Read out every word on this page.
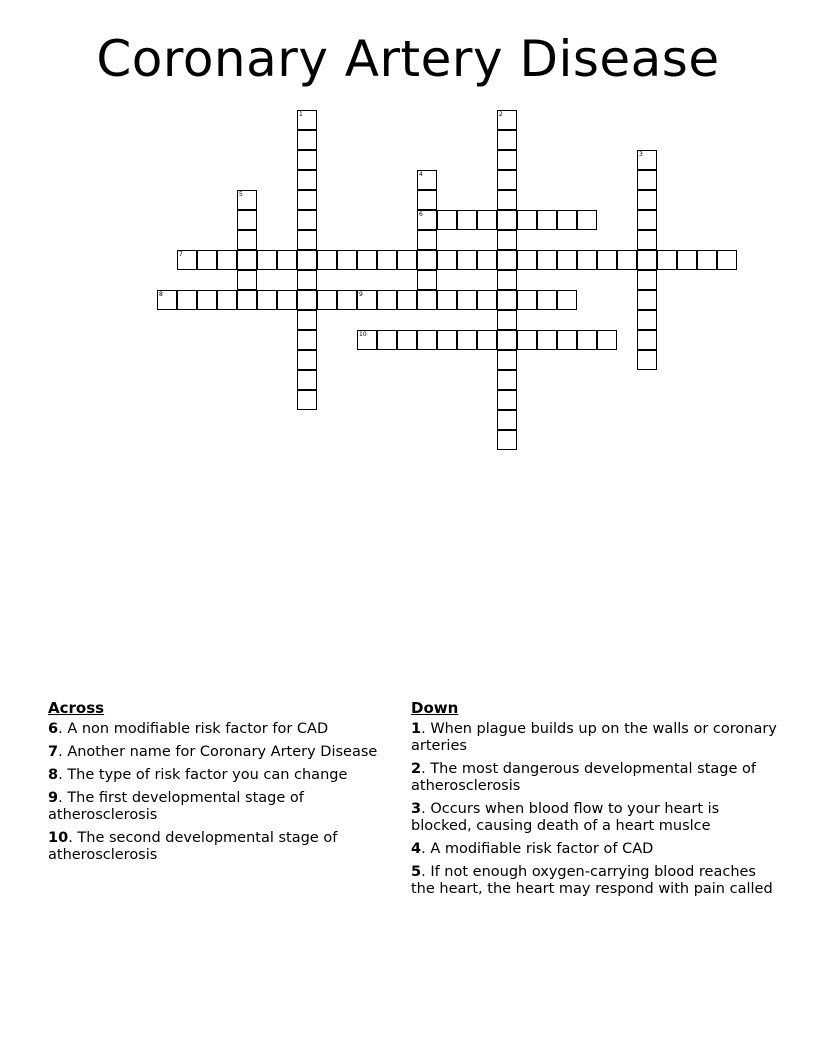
Coronary Artery Disease
1	2
3
4
5
6
7
8	9
10
Across
6. A non modifiable risk factor for CAD
7. Another name for Coronary Artery Disease
8. The type of risk factor you can change
9. The first developmental stage of atherosclerosis
10. The second developmental stage of atherosclerosis
Down
1. When plague builds up on the walls or coronary arteries
2. The most dangerous developmental stage of atherosclerosis
3. Occurs when blood flow to your heart is blocked, causing death of a heart muslce
4. A modifiable risk factor of CAD
5. If not enough oxygen-carrying blood reaches the heart, the heart may respond with pain called
